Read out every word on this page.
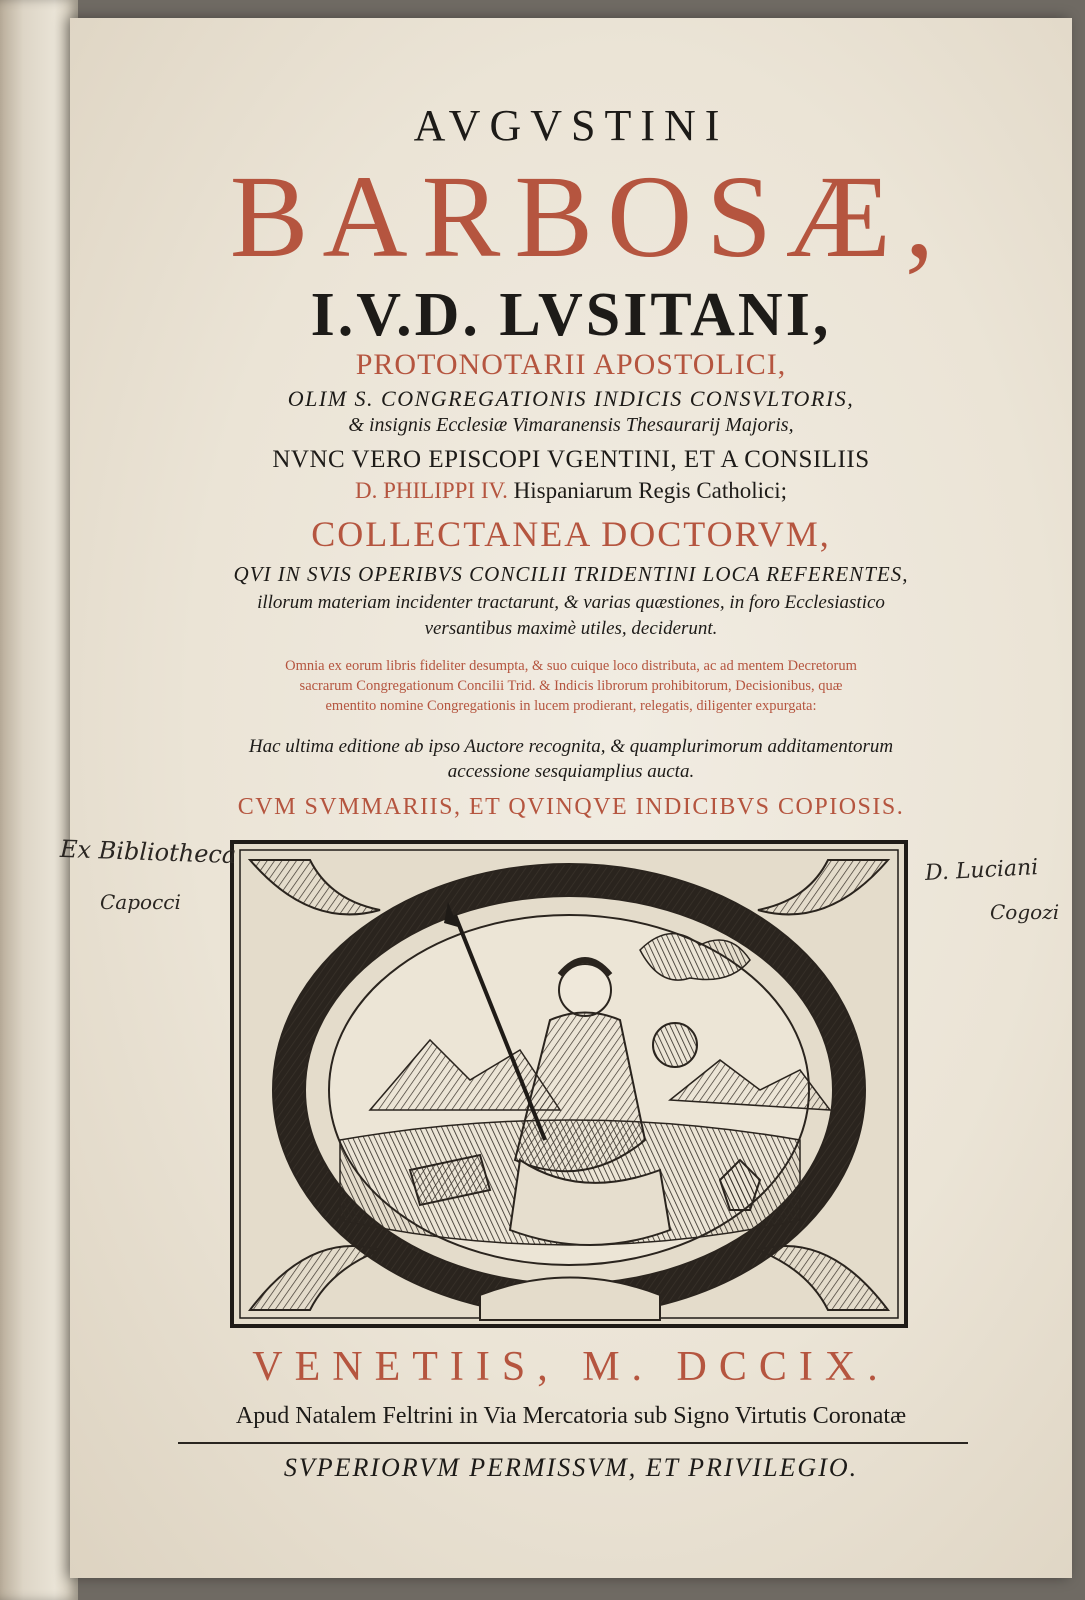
AVGVSTINI
BARBOSÆ,
I.V.D. LVSITANI,
PROTONOTARII APOSTOLICI,
OLIM S. CONGREGATIONIS INDICIS CONSVLTORIS,
& insignis Ecclesiæ Vimaranensis Thesaurarij Majoris,
NVNC VERO EPISCOPI VGENTINI, ET A CONSILIIS
D. PHILIPPI IV. Hispaniarum Regis Catholici;
COLLECTANEA DOCTORVM,
QVI IN SVIS OPERIBVS CONCILII TRIDENTINI LOCA REFERENTES,
illorum materiam incidenter tractarunt, & varias quæstiones, in foro Ecclesiastico
versantibus maximè utiles, deciderunt.
Omnia ex eorum libris fideliter desumpta, & suo cuique loco distributa, ac ad mentem Decretorum
sacrarum Congregationum Concilii Trid. & Indicis librorum prohibitorum, Decisionibus, quæ
ementito nomine Congregationis in lucem prodierant, relegatis, diligenter expurgata:
Hac ultima editione ab ipso Auctore recognita, & quamplurimorum additamentorum
accessione sesquiamplius aucta.
CVM SVMMARIIS, ET QVINQVE INDICIBVS COPIOSIS.
VENETIIS, M. DCCIX.
Apud Natalem Feltrini in Via Mercatoria sub Signo Virtutis Coronatæ
SVPERIORVM PERMISSVM, ET PRIVILEGIO.
Ex Bibliotheca
Capocci
D. Luciani
Cogozi
